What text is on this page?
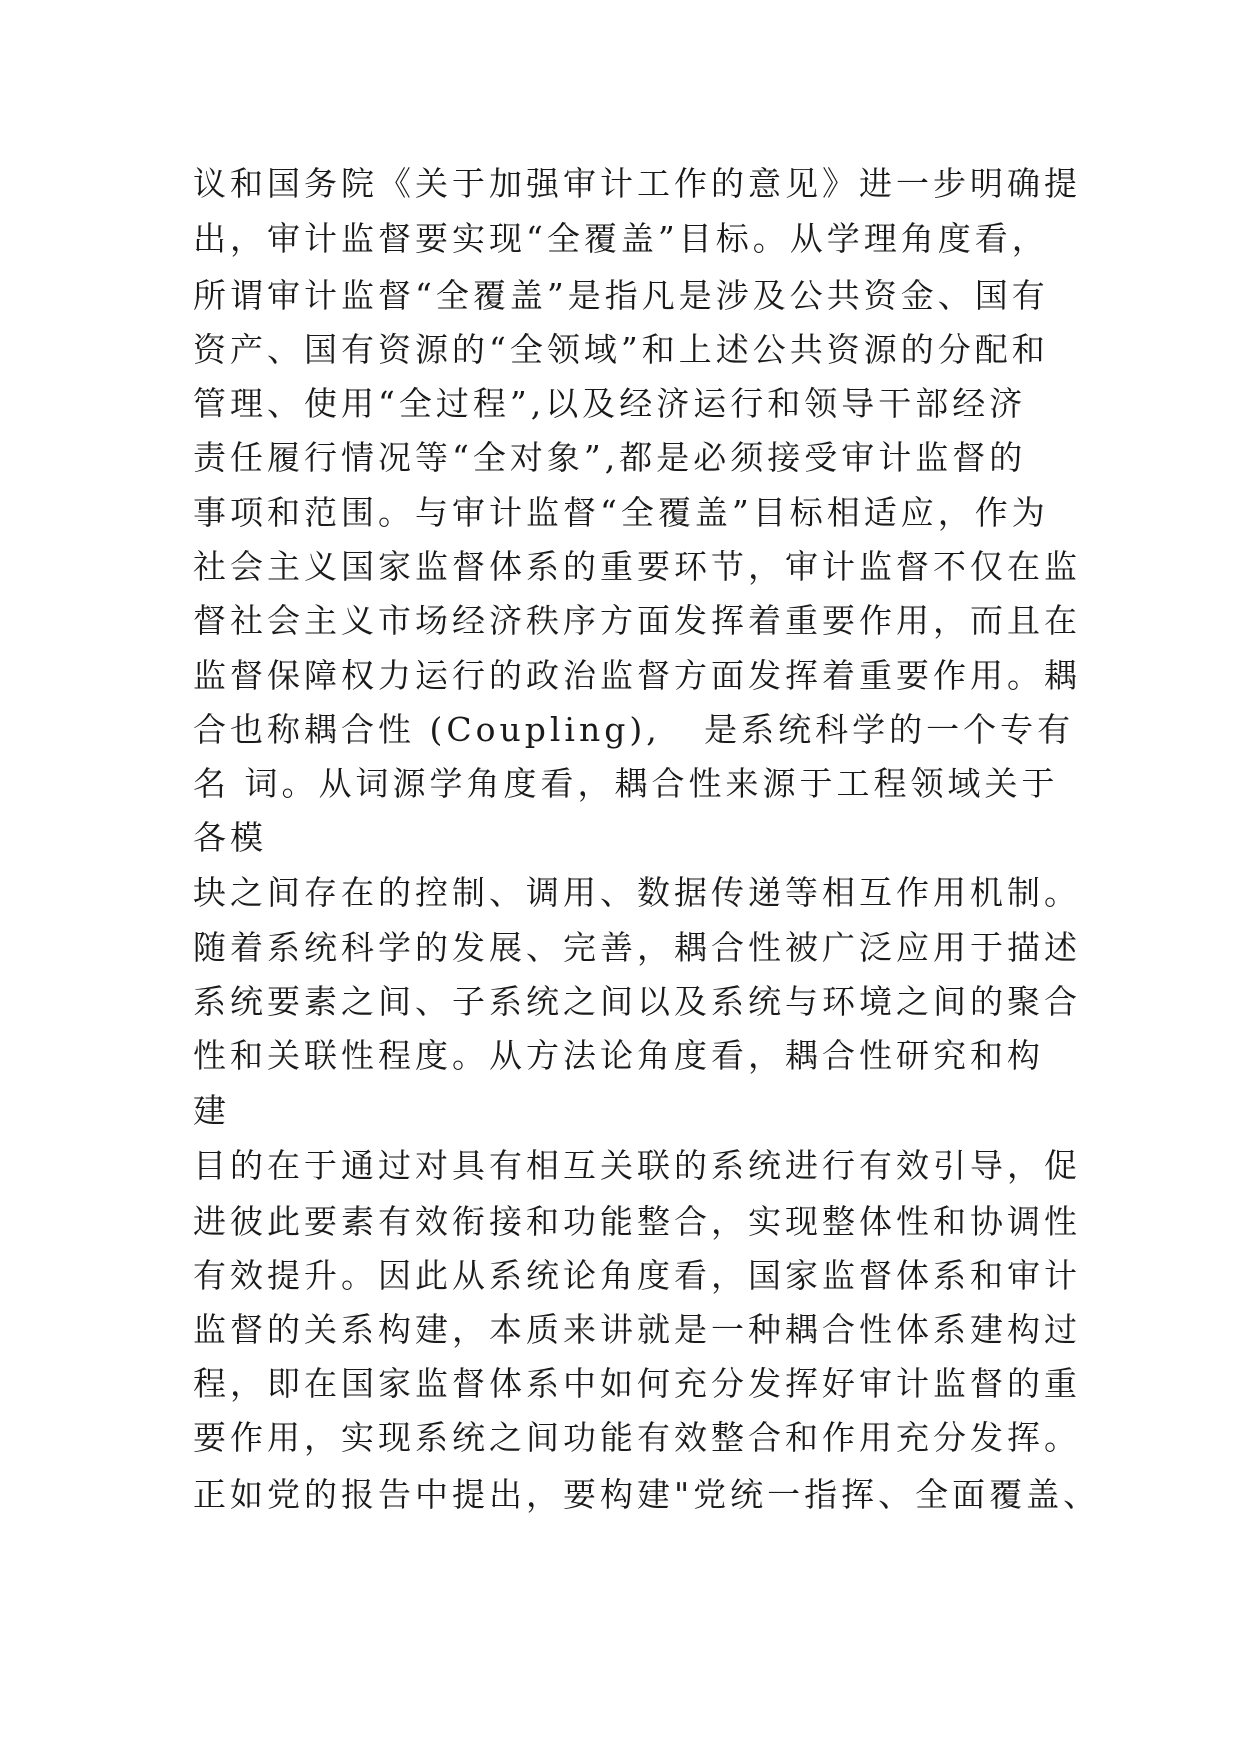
议和国务院《关于加强审计工作的意见》进一步明确提

出，审计监督要实现“全覆盖”目标。从学理角度看，

所谓审计监督“全覆盖”是指凡是涉及公共资金、国有

资产、国有资源的“全领域”和上述公共资源的分配和

管理、使用“全过程”,以及经济运行和领导干部经济

责任履行情况等“全对象”,都是必须接受审计监督的

事项和范围。与审计监督“全覆盖”目标相适应，作为

社会主义国家监督体系的重要环节，审计监督不仅在监

督社会主义市场经济秩序方面发挥着重要作用，而且在

监督保障权力运行的政治监督方面发挥着重要作用。耦

合也称耦合性 (Coupling),   是系统科学的一个专有

名 词。从词源学角度看，耦合性来源于工程领域关于

各模

块之间存在的控制、调用、数据传递等相互作用机制。

随着系统科学的发展、完善，耦合性被广泛应用于描述

系统要素之间、子系统之间以及系统与环境之间的聚合

性和关联性程度。从方法论角度看，耦合性研究和构

建

目的在于通过对具有相互关联的系统进行有效引导，促

进彼此要素有效衔接和功能整合，实现整体性和协调性

有效提升。因此从系统论角度看，国家监督体系和审计

监督的关系构建，本质来讲就是一种耦合性体系建构过

程，即在国家监督体系中如何充分发挥好审计监督的重

要作用，实现系统之间功能有效整合和作用充分发挥。

正如党的报告中提出，要构建"党统一指挥、全面覆盖、
